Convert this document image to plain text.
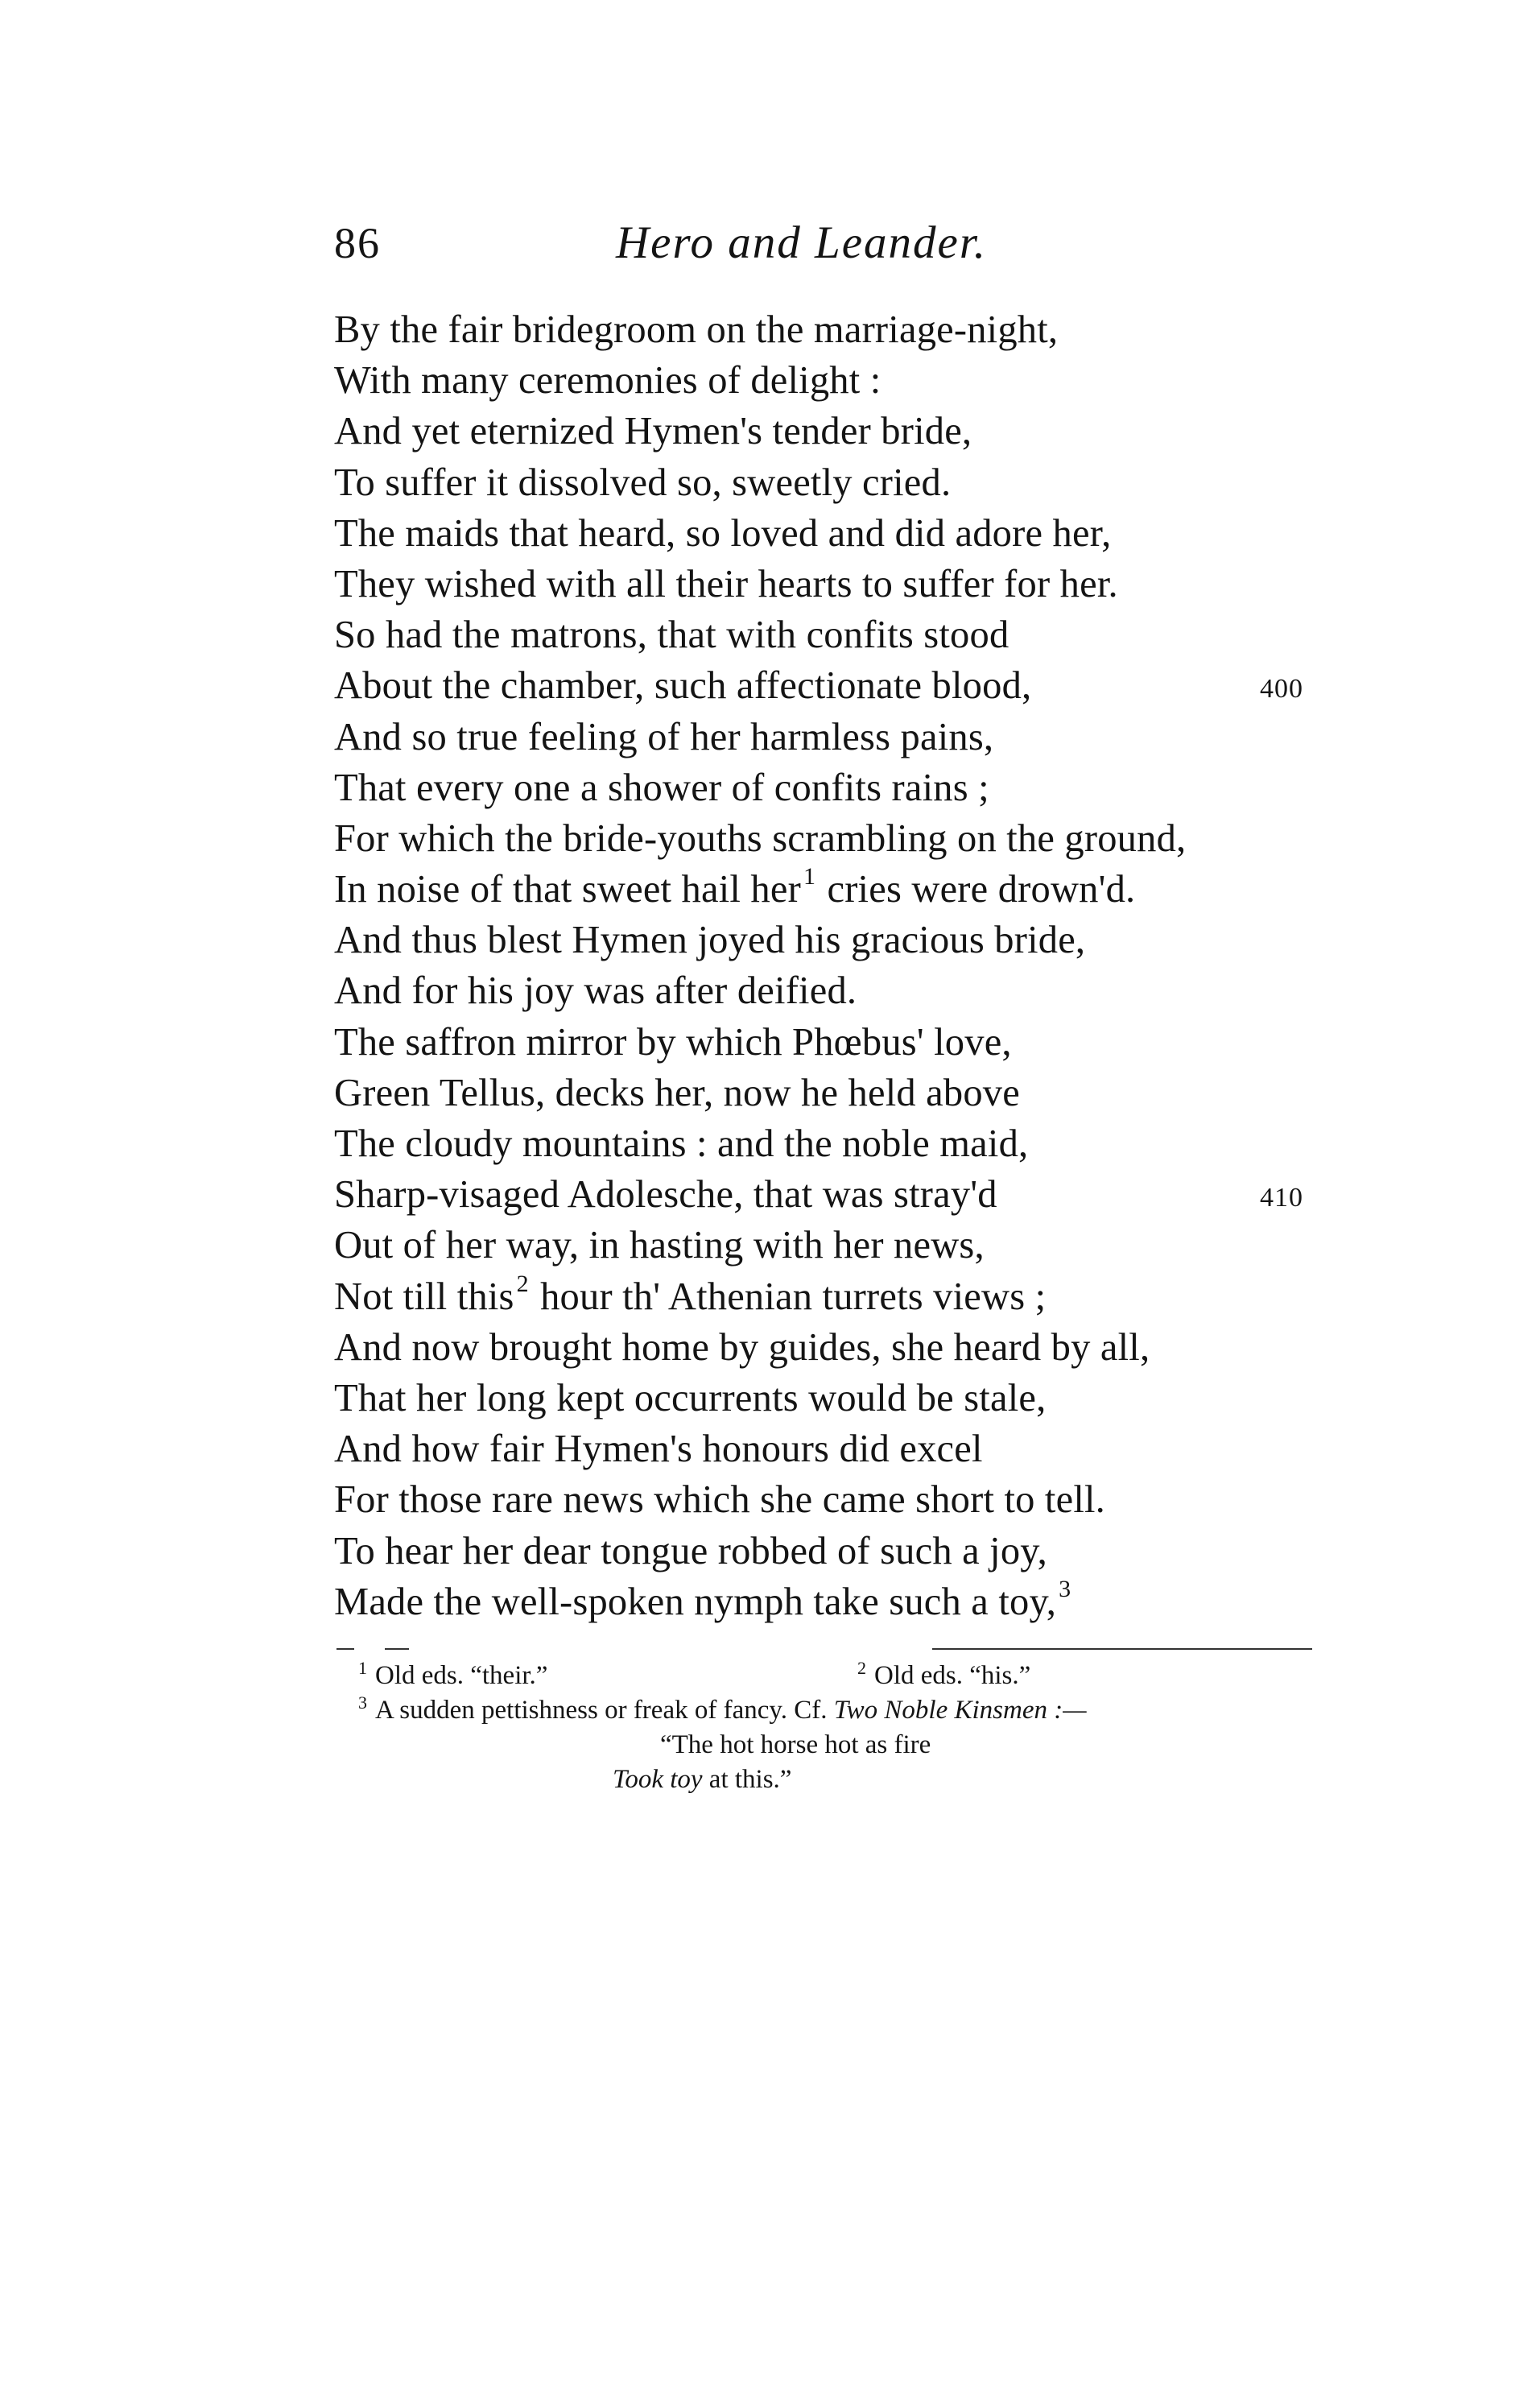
86	Hero and Leander.
By the fair bridegroom on the marriage-night,
With many ceremonies of delight :
And yet eternized Hymen's tender bride,
To suffer it dissolved so, sweetly cried.
The maids that heard, so loved and did adore her,
They wished with all their hearts to suffer for her.
So had the matrons, that with confits stood
About the chamber, such affectionate blood,	400
And so true feeling of her harmless pains,
That every one a shower of confits rains ;
For which the bride-youths scrambling on the ground,
In noise of that sweet hail her $^1$ cries were drown'd.
And thus blest Hymen joyed his gracious bride,
And for his joy was after deified.
The saffron mirror by which Phœbus' love,
Green Tellus, decks her, now he held above
The cloudy mountains : and the noble maid,
Sharp-visaged Adolesche, that was stray'd	410
Out of her way, in hasting with her news,
Not till this $^2$ hour th' Athenian turrets views ;
And now brought home by guides, she heard by all,
That her long kept occurrents would be stale,
And how fair Hymen's honours did excel
For those rare news which she came short to tell.
To hear her dear tongue robbed of such a joy,
Made the well-spoken nymph take such a toy, $^3$
$^1$ Old eds. “their.”	$^2$ Old eds. “his.”
$^3$ A sudden pettishness or freak of fancy. Cf. Two Noble Kinsmen :—
“The hot horse hot as fire
Took toy at this.”
